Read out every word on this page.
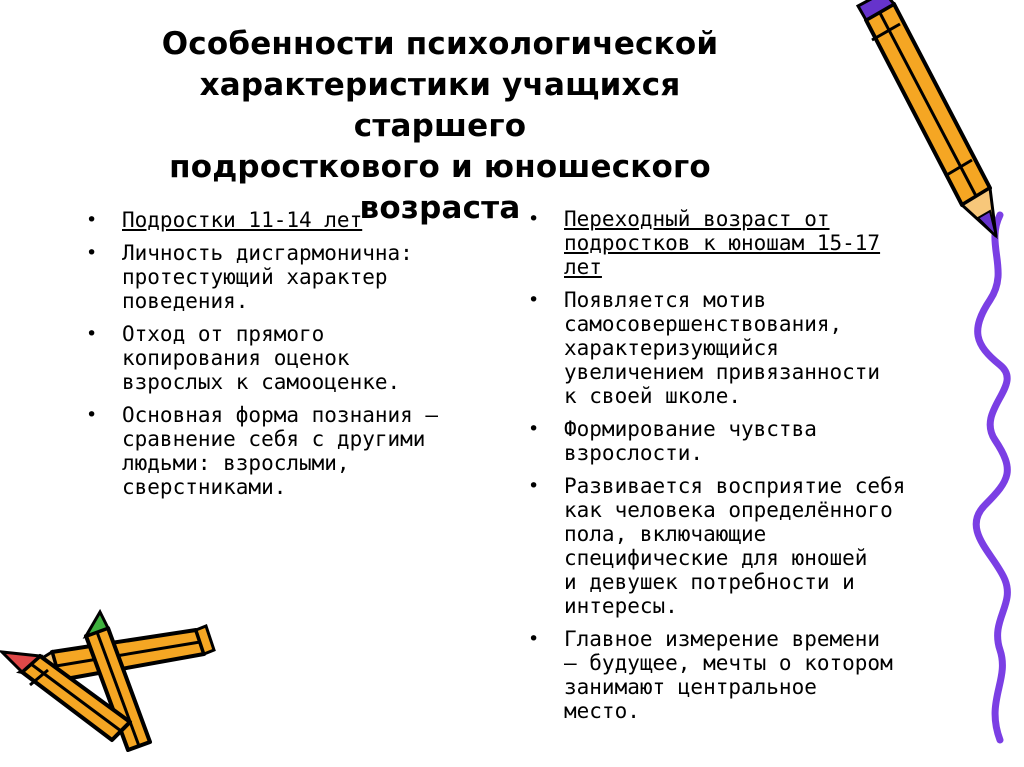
Особенности психологической
характеристики учащихся старшего
подросткового и юношеского возраста
• Подростки 11-14 лет
• Личность дисгармонична:
протестующий характер
поведения.
• Отход от прямого
копирования оценок
взрослых к самооценке.
• Основная форма познания –
сравнение себя с другими
людьми: взрослыми,
сверстниками.
• Переходный возраст от
подростков к юношам 15-17
лет
• Появляется мотив
самосовершенствования,
характеризующийся
увеличением привязанности
к своей школе.
• Формирование чувства
взрослости.
• Развивается восприятие себя
как человека определённого
пола, включающие
специфические для юношей
и девушек потребности и
интересы.
• Главное измерение времени
– будущее, мечты о котором
занимают центральное
место.
